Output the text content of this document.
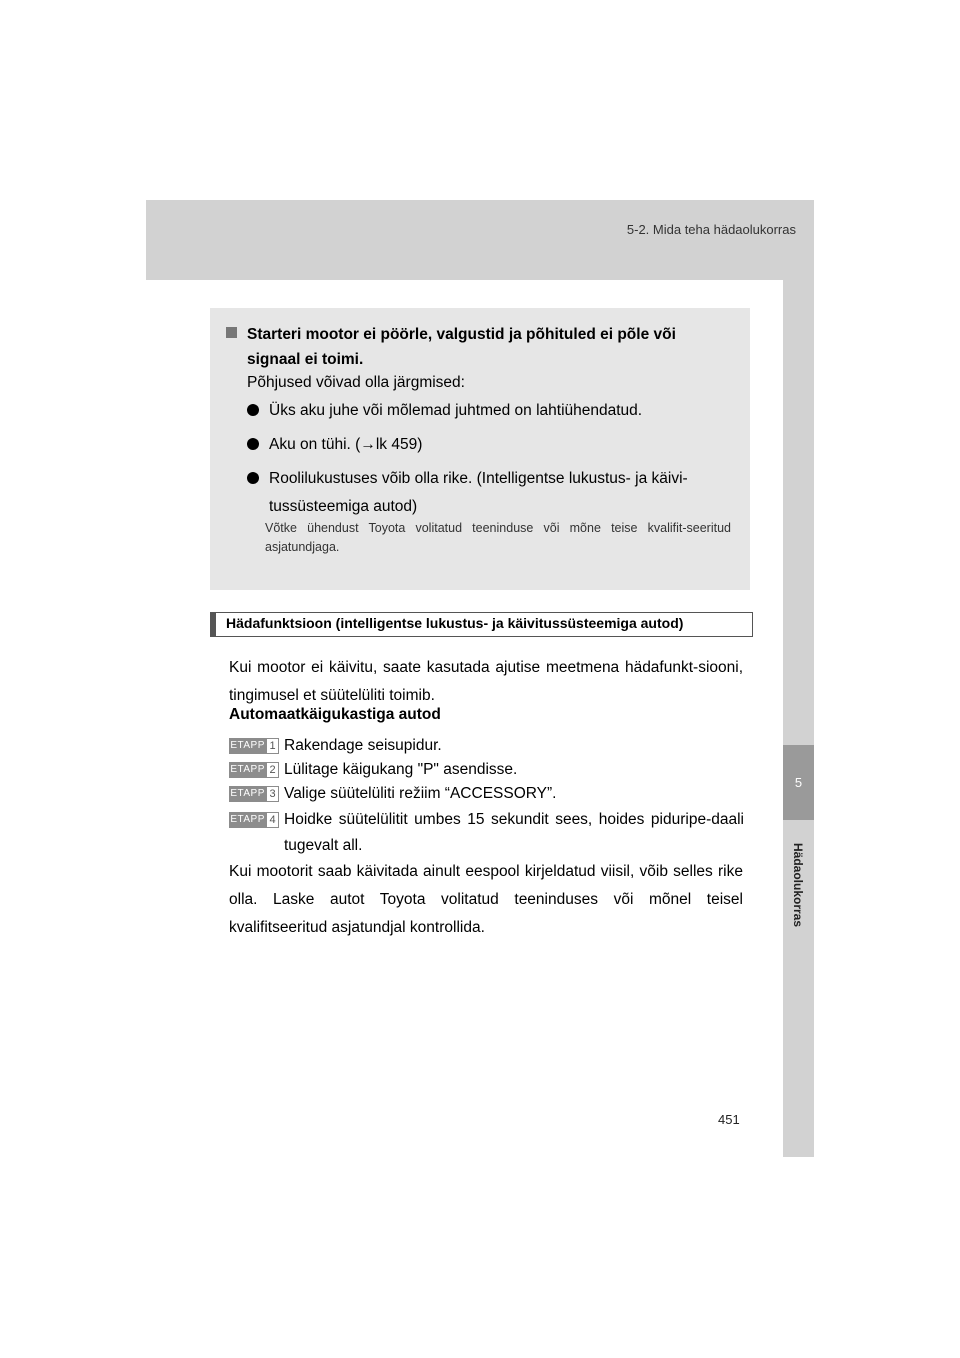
5-2. Mida teha hädaolukorras
5
Hädaolukorras
Starteri mootor ei pöörle, valgustid ja põhituled ei põle või
signaal ei toimi.
Põhjused võivad olla järgmised:
Üks aku juhe või mõlemad juhtmed on lahtiühendatud.
Aku on tühi. (→lk 459)
Roolilukustuses võib olla rike. (Intelligentse lukustus- ja käivi-
tussüsteemiga autod)
Võtke ühendust Toyota volitatud teeninduse või mõne teise kvalifit-seeritud asjatundjaga.
Hädafunktsioon (intelligentse lukustus- ja käivitussüsteemiga autod)
Kui mootor ei käivitu, saate kasutada ajutise meetmena hädafunkt-siooni, tingimusel et süütelüliti toimib.
Automaatkäigukastiga autod
ETAPP 1 Rakendage seisupidur.
ETAPP 2 Lülitage käigukang "P" asendisse.
ETAPP 3 Valige süütelüliti režiim “ACCESSORY”.
ETAPP 4 Hoidke süütelülitit umbes 15 sekundit sees, hoides piduripe-daali tugevalt all.
Kui mootorit saab käivitada ainult eespool kirjeldatud viisil, võib selles rike olla. Laske autot Toyota volitatud teeninduses või mõnel teisel kvalifitseeritud asjatundjal kontrollida.
451
